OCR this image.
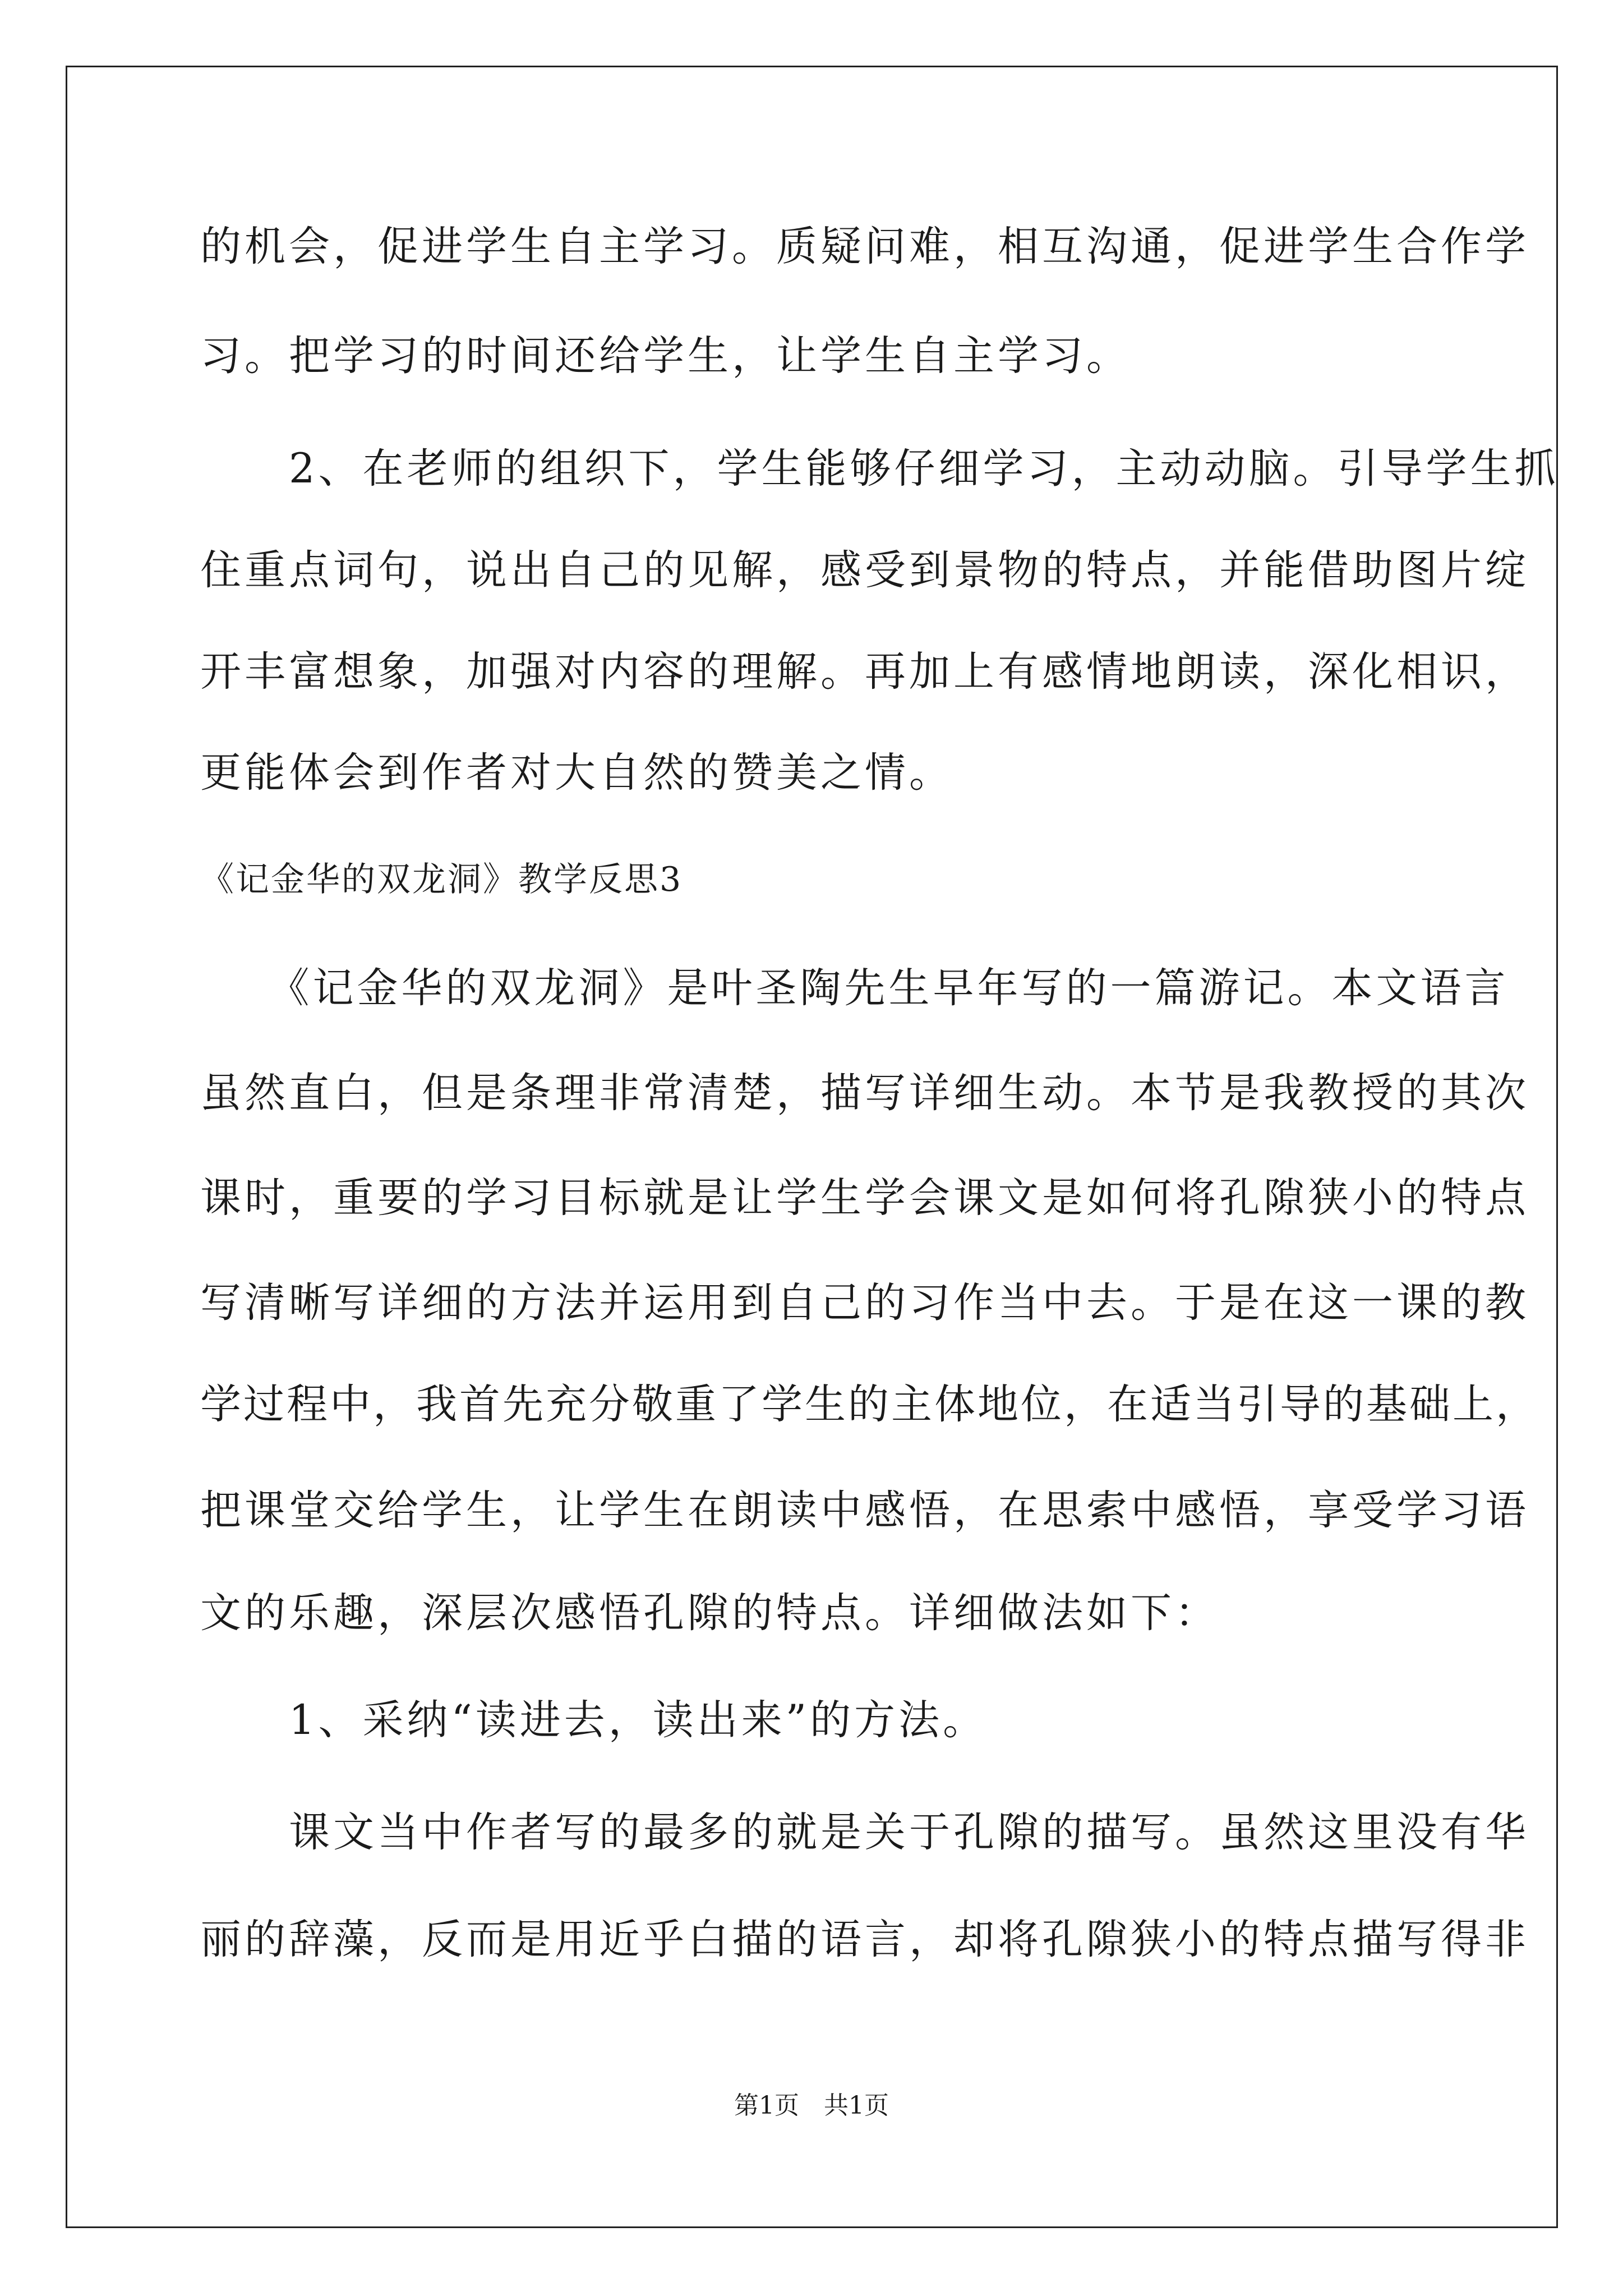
的机会，促进学生自主学习。质疑问难，相互沟通，促进学生合作学
习。把学习的时间还给学生，让学生自主学习。
　　2、在老师的组织下，学生能够仔细学习，主动动脑。引导学生抓
住重点词句，说出自己的见解，感受到景物的特点，并能借助图片绽
开丰富想象，加强对内容的理解。再加上有感情地朗读，深化相识，
更能体会到作者对大自然的赞美之情。
《记金华的双龙洞》教学反思3
　　《记金华的双龙洞》是叶圣陶先生早年写的一篇游记。本文语言
虽然直白，但是条理非常清楚，描写详细生动。本节是我教授的其次
课时，重要的学习目标就是让学生学会课文是如何将孔隙狭小的特点
写清晰写详细的方法并运用到自己的习作当中去。于是在这一课的教
学过程中，我首先充分敬重了学生的主体地位，在适当引导的基础上，
把课堂交给学生，让学生在朗读中感悟，在思索中感悟，享受学习语
文的乐趣，深层次感悟孔隙的特点。详细做法如下：
　　1、采纳“读进去，读出来”的方法。
　　课文当中作者写的最多的就是关于孔隙的描写。虽然这里没有华
丽的辞藻，反而是用近乎白描的语言，却将孔隙狭小的特点描写得非
第1页　共1页
